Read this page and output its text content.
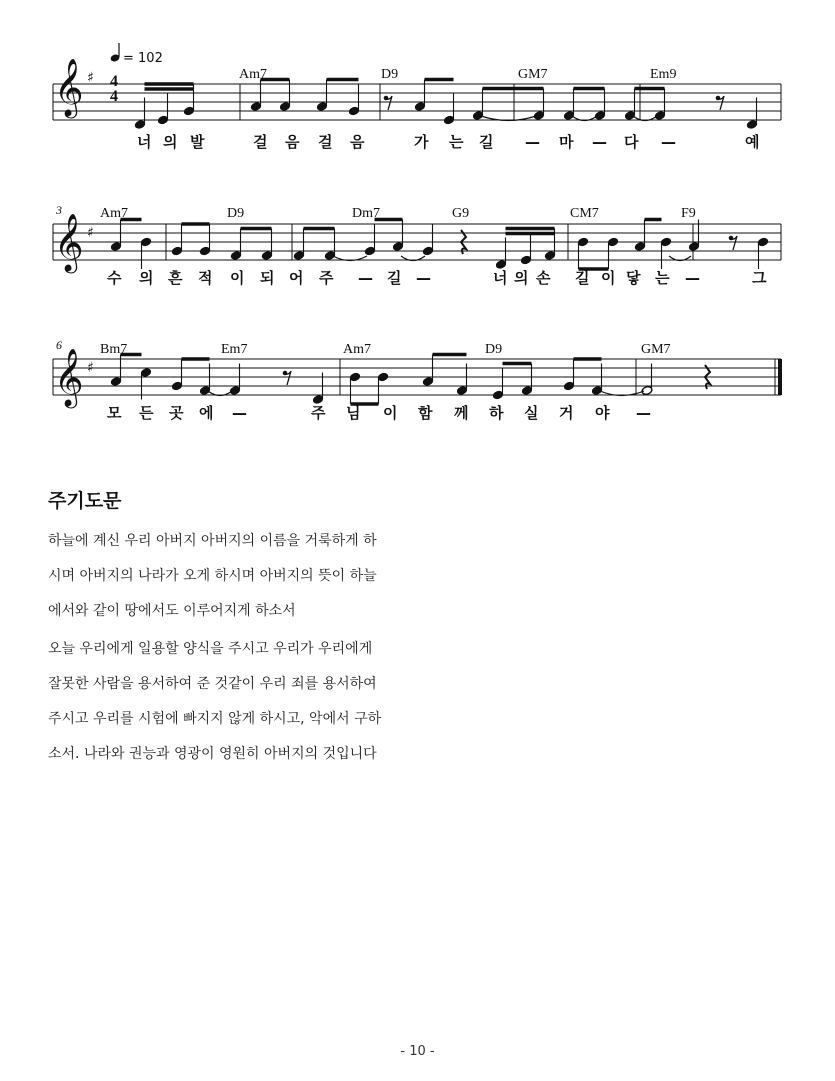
= 102
𝄞 ♯ 4
4
Am7	D9	GM7	Em9
너 의 발	걸 음 걸 음	가 는 길 — 마 — 다 —	예
3
𝄞 ♯
Am7	D9	Dm7	G9	CM7	F9
수 의 흔 적 이 되 어 주 — 길 —	너 의 손 길 이 닿 는 —	그
6
𝄞 ♯
Bm7	Em7	Am7	D9	GM7
모 든 곳 에 —	주 님 이 함 께 하 실 거 야 —
주기도문

하늘에 계신 우리 아버지 아버지의 이름을 거룩하게 하
시며 아버지의 나라가 오게 하시며 아버지의 뜻이 하늘
에서와 같이 땅에서도 이루어지게 하소서

오늘 우리에게 일용할 양식을 주시고 우리가 우리에게
잘못한 사람을 용서하여 준 것같이 우리 죄를 용서하여
주시고 우리를 시험에 빠지지 않게 하시고, 악에서 구하
소서. 나라와 권능과 영광이 영원히 아버지의 것입니다

- 10 -
